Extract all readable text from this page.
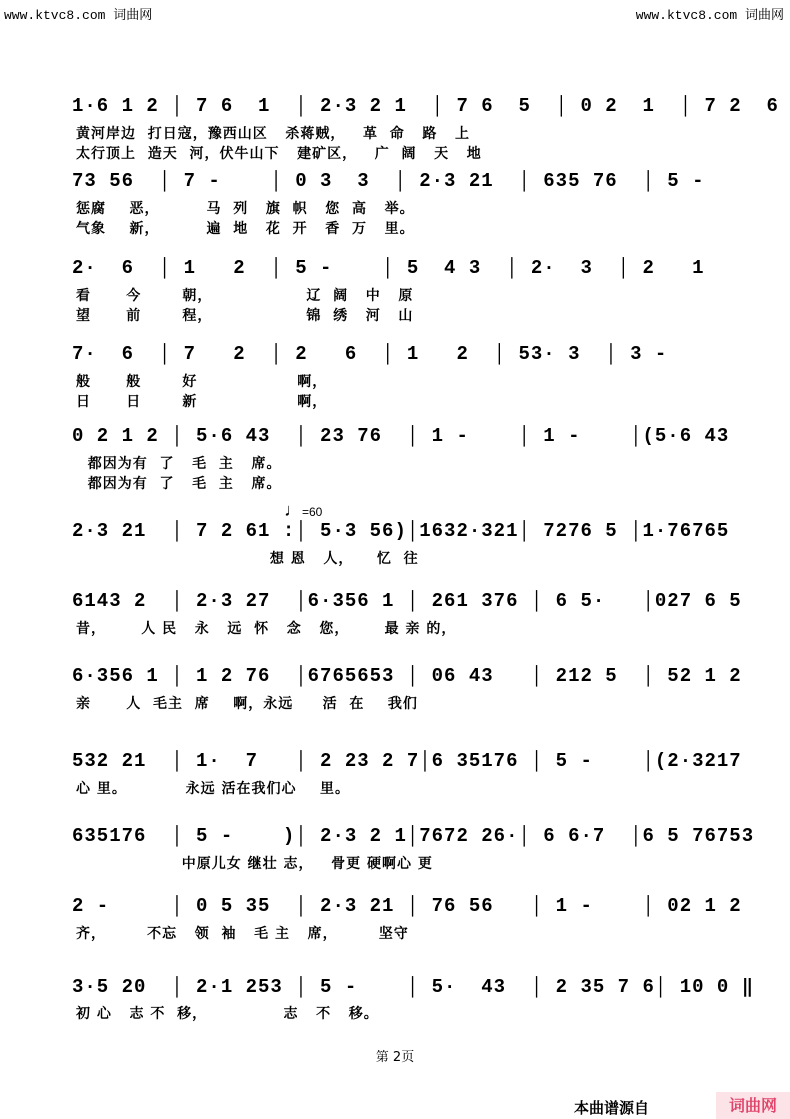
www.ktvc8.com 词曲网	www.ktvc8.com 词曲网
1·6 1 2 │ 7 6  1  │ 2·3 2 1  │ 7 6  5  │ 0 2  1  │ 7 2  6
黄河岸边  打日寇，豫西山区   杀蒋贼，   革  命   路   上
太行顶上  造天  河，伏牛山下   建矿区，   广  阔   天   地
73 56  │ 7 -    │ 0 3  3  │ 2·3 21  │ 635 76  │ 5 -
惩腐    恶，        马  列   旗  帜   您  高   举。
气象    新，        遍  地   花  开   香  万   里。
2·  6  │ 1   2  │ 5 -    │ 5  4 3  │ 2·  3  │ 2   1
看      今       朝，                辽  阔   中   原
望      前       程，                锦  绣   河   山
7·  6  │ 7   2  │ 2   6  │ 1   2  │ 53· 3  │ 3 -
般      般       好                 啊，
日      日       新                 啊，
0 2 1 2 │ 5·6 43  │ 23 76  │ 1 -    │ 1 -    │(5·6 43
都因为有  了   毛  主   席。
都因为有  了   毛  主   席。
2·3 21  │ 7 2 61 :│ 5·3 56)│1632·321│ 7276 5 │1·76765
想 恩   人，    忆  往
6143 2  │ 2·3 27  │6·356 1 │ 261 376 │ 6 5·   │027 6 5
昔，      人 民   永   远  怀   念   您，      最 亲 的，
6·356 1 │ 1 2 76  │6765653 │ 06 43   │ 212 5  │ 52 1 2
亲      人  毛主  席    啊，永远     活  在    我们
532 21  │ 1·  7   │ 2 23 2 7│6 35176 │ 5 -    │(2·3217
心 里。          永远 活在我们心    里。
635176  │ 5 -    )│ 2·3 2 1│7672 26·│ 6 6·7  │6 5 76753
中原儿女 继壮 志，   骨更 硬啊心 更
2 -     │ 0 5 35  │ 2·3 21 │ 76 56   │ 1 -    │ 02 1 2
齐，       不忘   领  袖   毛 主   席，       坚守
3·5 20  │ 2·1 253 │ 5 -    │ 5·  43  │ 2 35 7 6│ 10 0 ‖
初 心   志 不  移，             志   不   移。
♩=60
第 2页
本曲谱源自	词曲网
